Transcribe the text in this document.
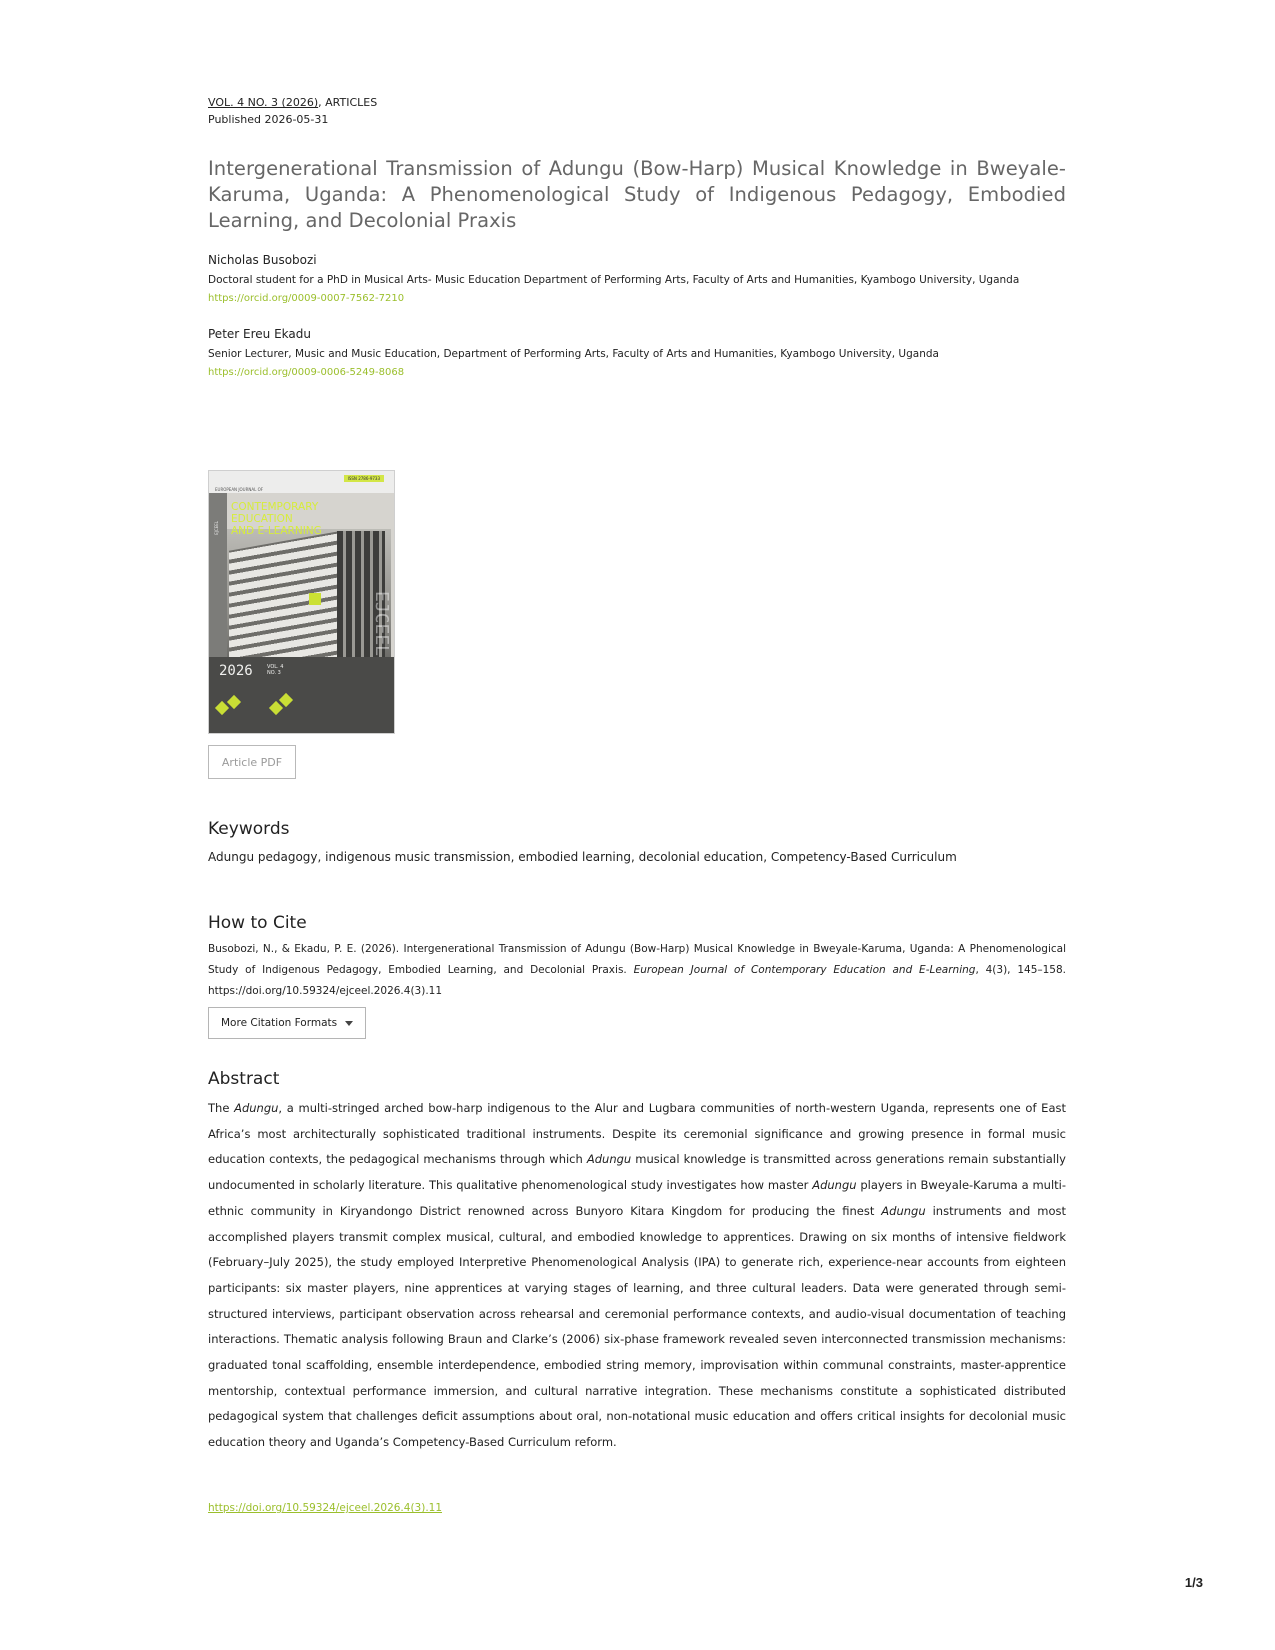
VOL. 4 NO. 3 (2026), ARTICLES
Published 2026-05-31
Intergenerational Transmission of Adungu (Bow-Harp) Musical Knowledge in Bweyale-Karuma, Uganda: A Phenomenological Study of Indigenous Pedagogy, Embodied Learning, and Decolonial Praxis
Nicholas Busobozi
Doctoral student for a PhD in Musical Arts- Music Education Department of Performing Arts, Faculty of Arts and Humanities, Kyambogo University, Uganda
https://orcid.org/0009-0007-7562-7210
Peter Ereu Ekadu
Senior Lecturer, Music and Music Education, Department of Performing Arts, Faculty of Arts and Humanities, Kyambogo University, Uganda
https://orcid.org/0009-0006-5249-8068
ISSN 2786-9733
EUROPEAN JOURNAL OF
EJCEEL
CONTEMPORARY
EDUCATION
AND E-LEARNING
EJCEEL
2026	VOL. 4
NO. 3
Article PDF
Keywords
Adungu pedagogy, indigenous music transmission, embodied learning, decolonial education, Competency-Based Curriculum
How to Cite
Busobozi, N., & Ekadu, P. E. (2026). Intergenerational Transmission of Adungu (Bow-Harp) Musical Knowledge in Bweyale-Karuma, Uganda: A Phenomenological Study of Indigenous Pedagogy, Embodied Learning, and Decolonial Praxis. European Journal of Contemporary Education and E-Learning, 4(3), 145–158. https://doi.org/10.59324/ejceel.2026.4(3).11
More Citation Formats
Abstract
The Adungu, a multi-stringed arched bow-harp indigenous to the Alur and Lugbara communities of north-western Uganda, represents one of East Africa’s most architecturally sophisticated traditional instruments. Despite its ceremonial significance and growing presence in formal music education contexts, the pedagogical mechanisms through which Adungu musical knowledge is transmitted across generations remain substantially undocumented in scholarly literature. This qualitative phenomenological study investigates how master Adungu players in Bweyale-Karuma a multi-ethnic community in Kiryandongo District renowned across Bunyoro Kitara Kingdom for producing the finest Adungu instruments and most accomplished players transmit complex musical, cultural, and embodied knowledge to apprentices. Drawing on six months of intensive fieldwork (February–July 2025), the study employed Interpretive Phenomenological Analysis (IPA) to generate rich, experience-near accounts from eighteen participants: six master players, nine apprentices at varying stages of learning, and three cultural leaders. Data were generated through semi-structured interviews, participant observation across rehearsal and ceremonial performance contexts, and audio-visual documentation of teaching interactions. Thematic analysis following Braun and Clarke’s (2006) six-phase framework revealed seven interconnected transmission mechanisms: graduated tonal scaffolding, ensemble interdependence, embodied string memory, improvisation within communal constraints, master-apprentice mentorship, contextual performance immersion, and cultural narrative integration. These mechanisms constitute a sophisticated distributed pedagogical system that challenges deficit assumptions about oral, non-notational music education and offers critical insights for decolonial music education theory and Uganda’s Competency-Based Curriculum reform.
https://doi.org/10.59324/ejceel.2026.4(3).11
1/3
